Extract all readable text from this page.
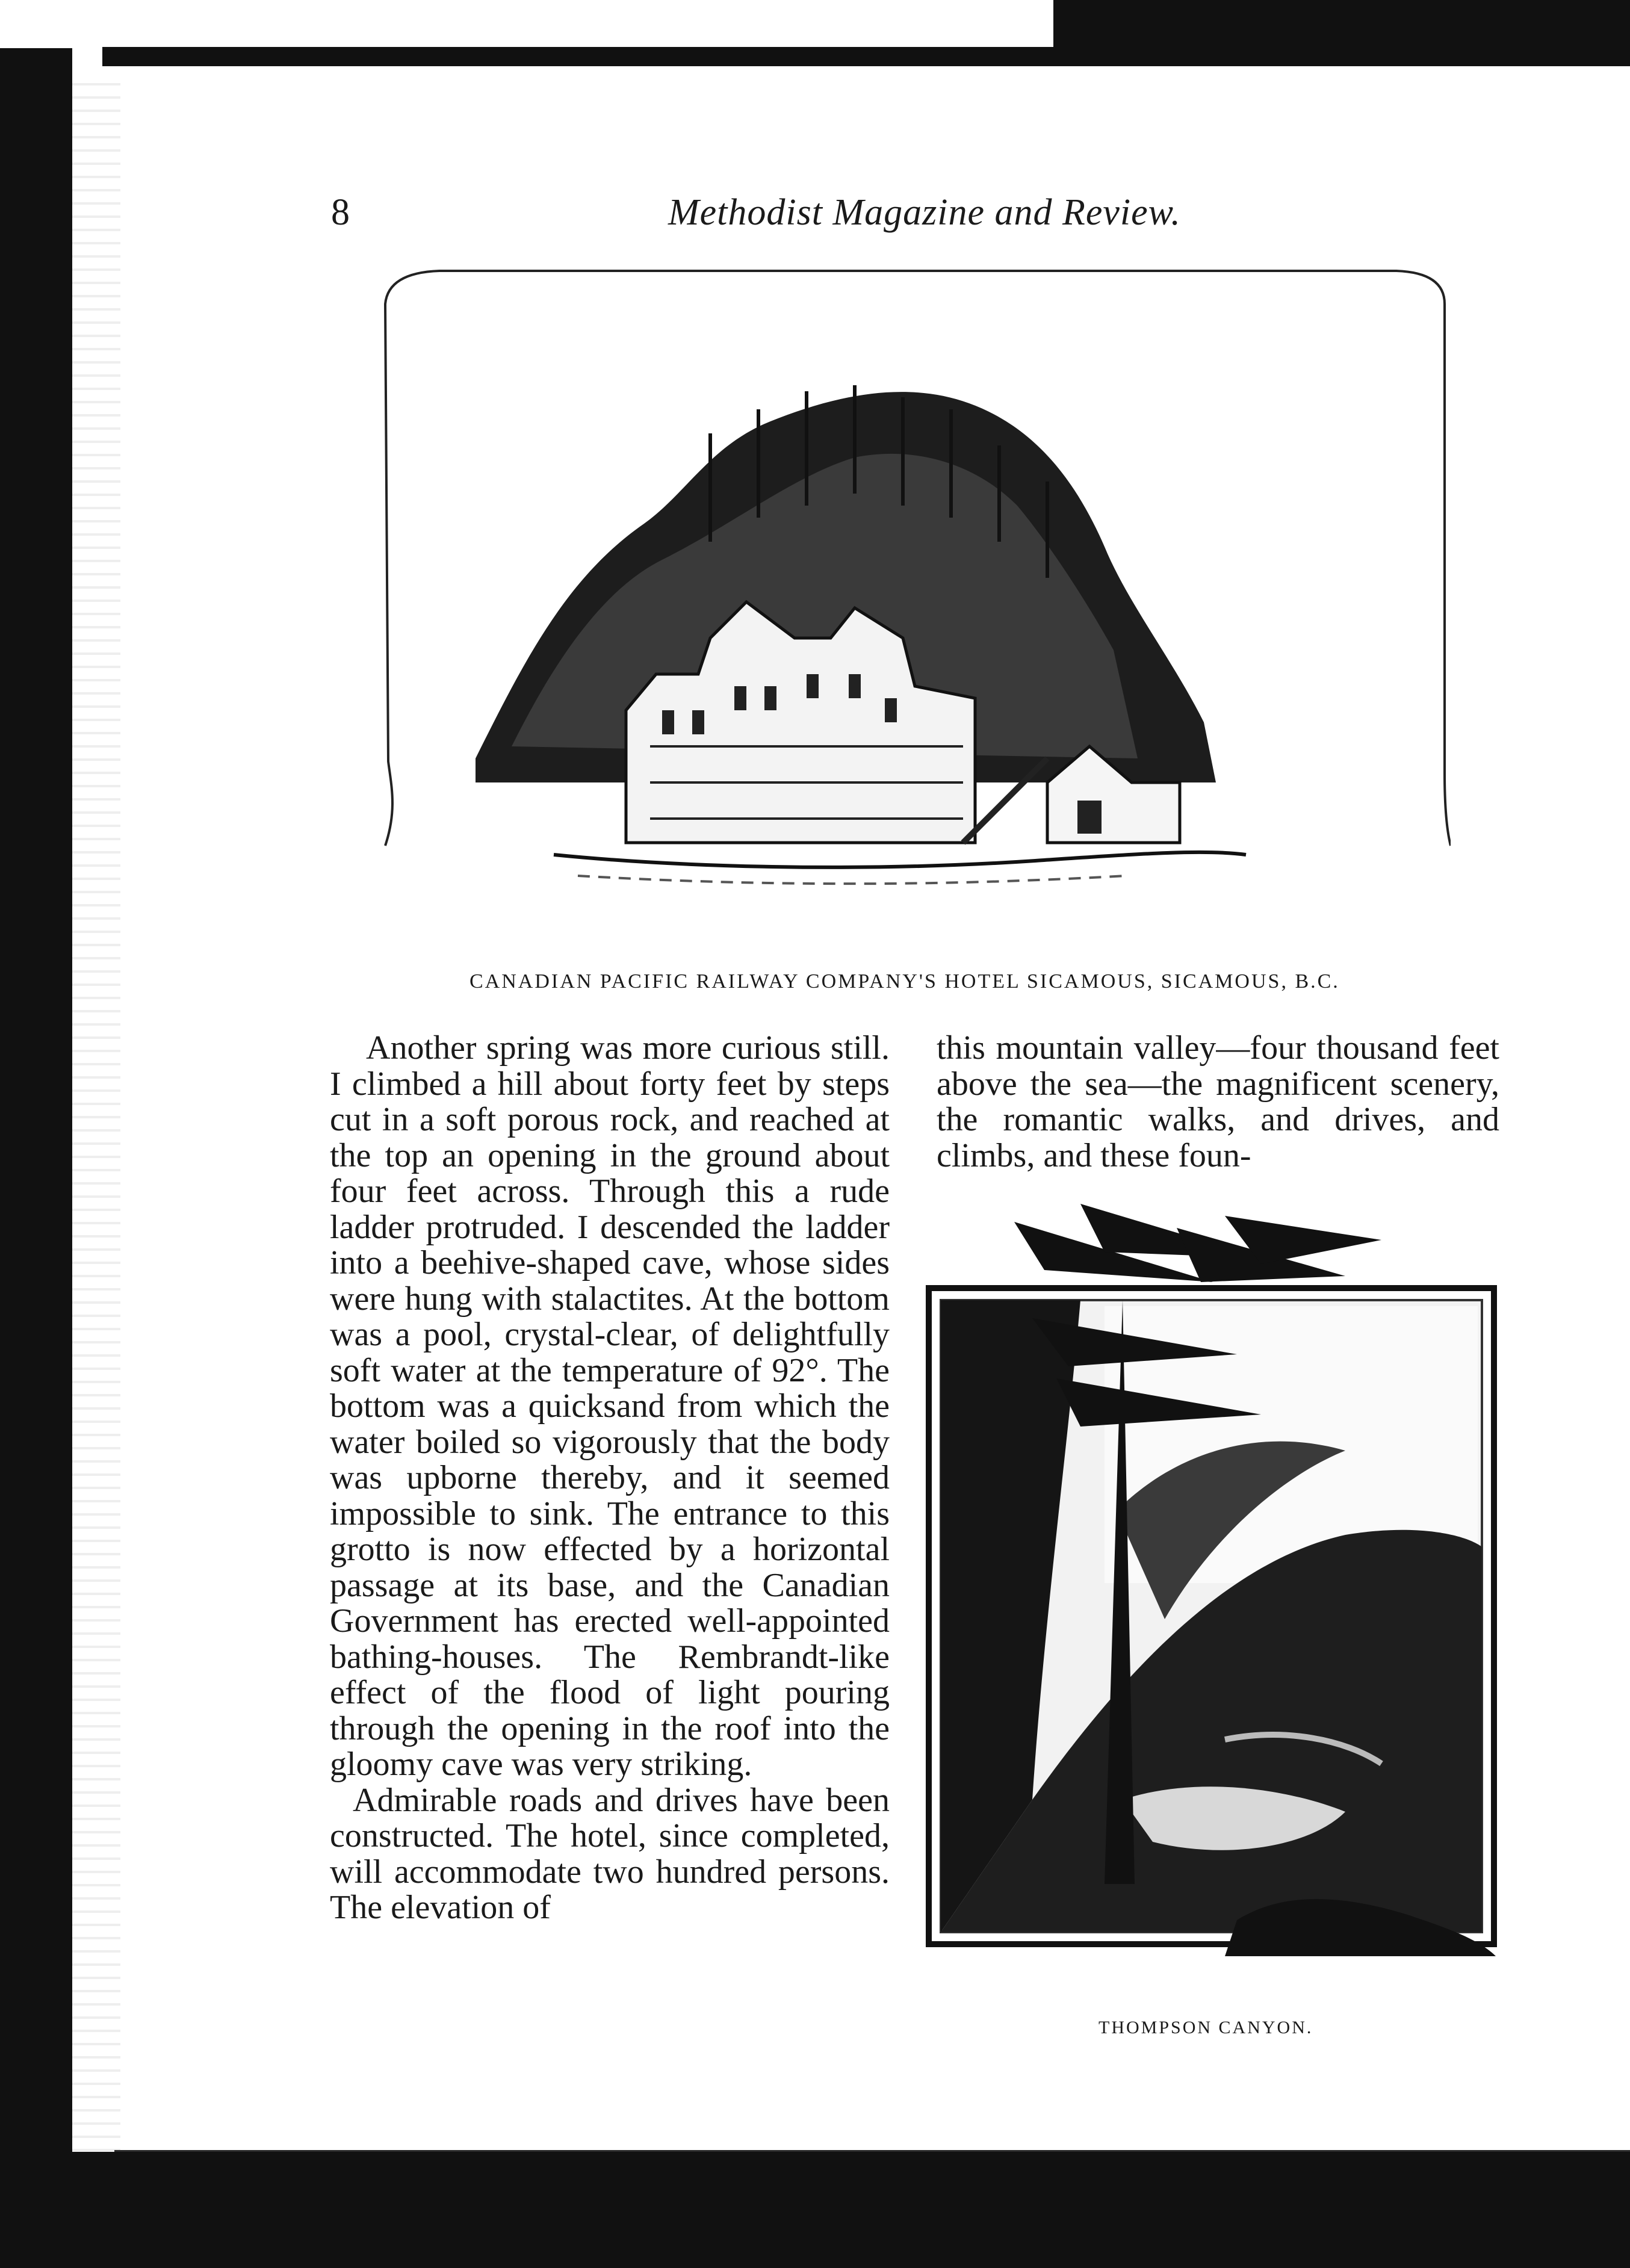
8	Methodist Magazine and Review.
CANADIAN PACIFIC RAILWAY COMPANY'S HOTEL SICAMOUS, SICAMOUS, B.C.

Another spring was more curious still. I climbed a hill about forty feet by steps cut in a soft porous rock, and reached at the top an opening in the ground about four feet across. Through this a rude ladder protruded. I descended the ladder into a beehive-shaped cave, whose sides were hung with stalactites. At the bottom was a pool, crystal-clear, of delightfully soft water at the temperature of 92°. The bottom was a quicksand from which the water boiled so vigorously that the body was upborne thereby, and it seemed impossible to sink. The entrance to this grotto is now effected by a horizontal passage at its base, and the Canadian Government has erected well-appointed bathing-houses. The Rembrandt-like effect of the flood of light pouring through the opening in the roof into the gloomy cave was very striking.

Admirable roads and drives have been constructed. The hotel, since completed, will accommodate two hundred persons. The elevation of

this mountain valley—four thousand feet above the sea—the magnificent scenery, the romantic walks, and drives, and climbs, and these foun-

THOMPSON CANYON.
